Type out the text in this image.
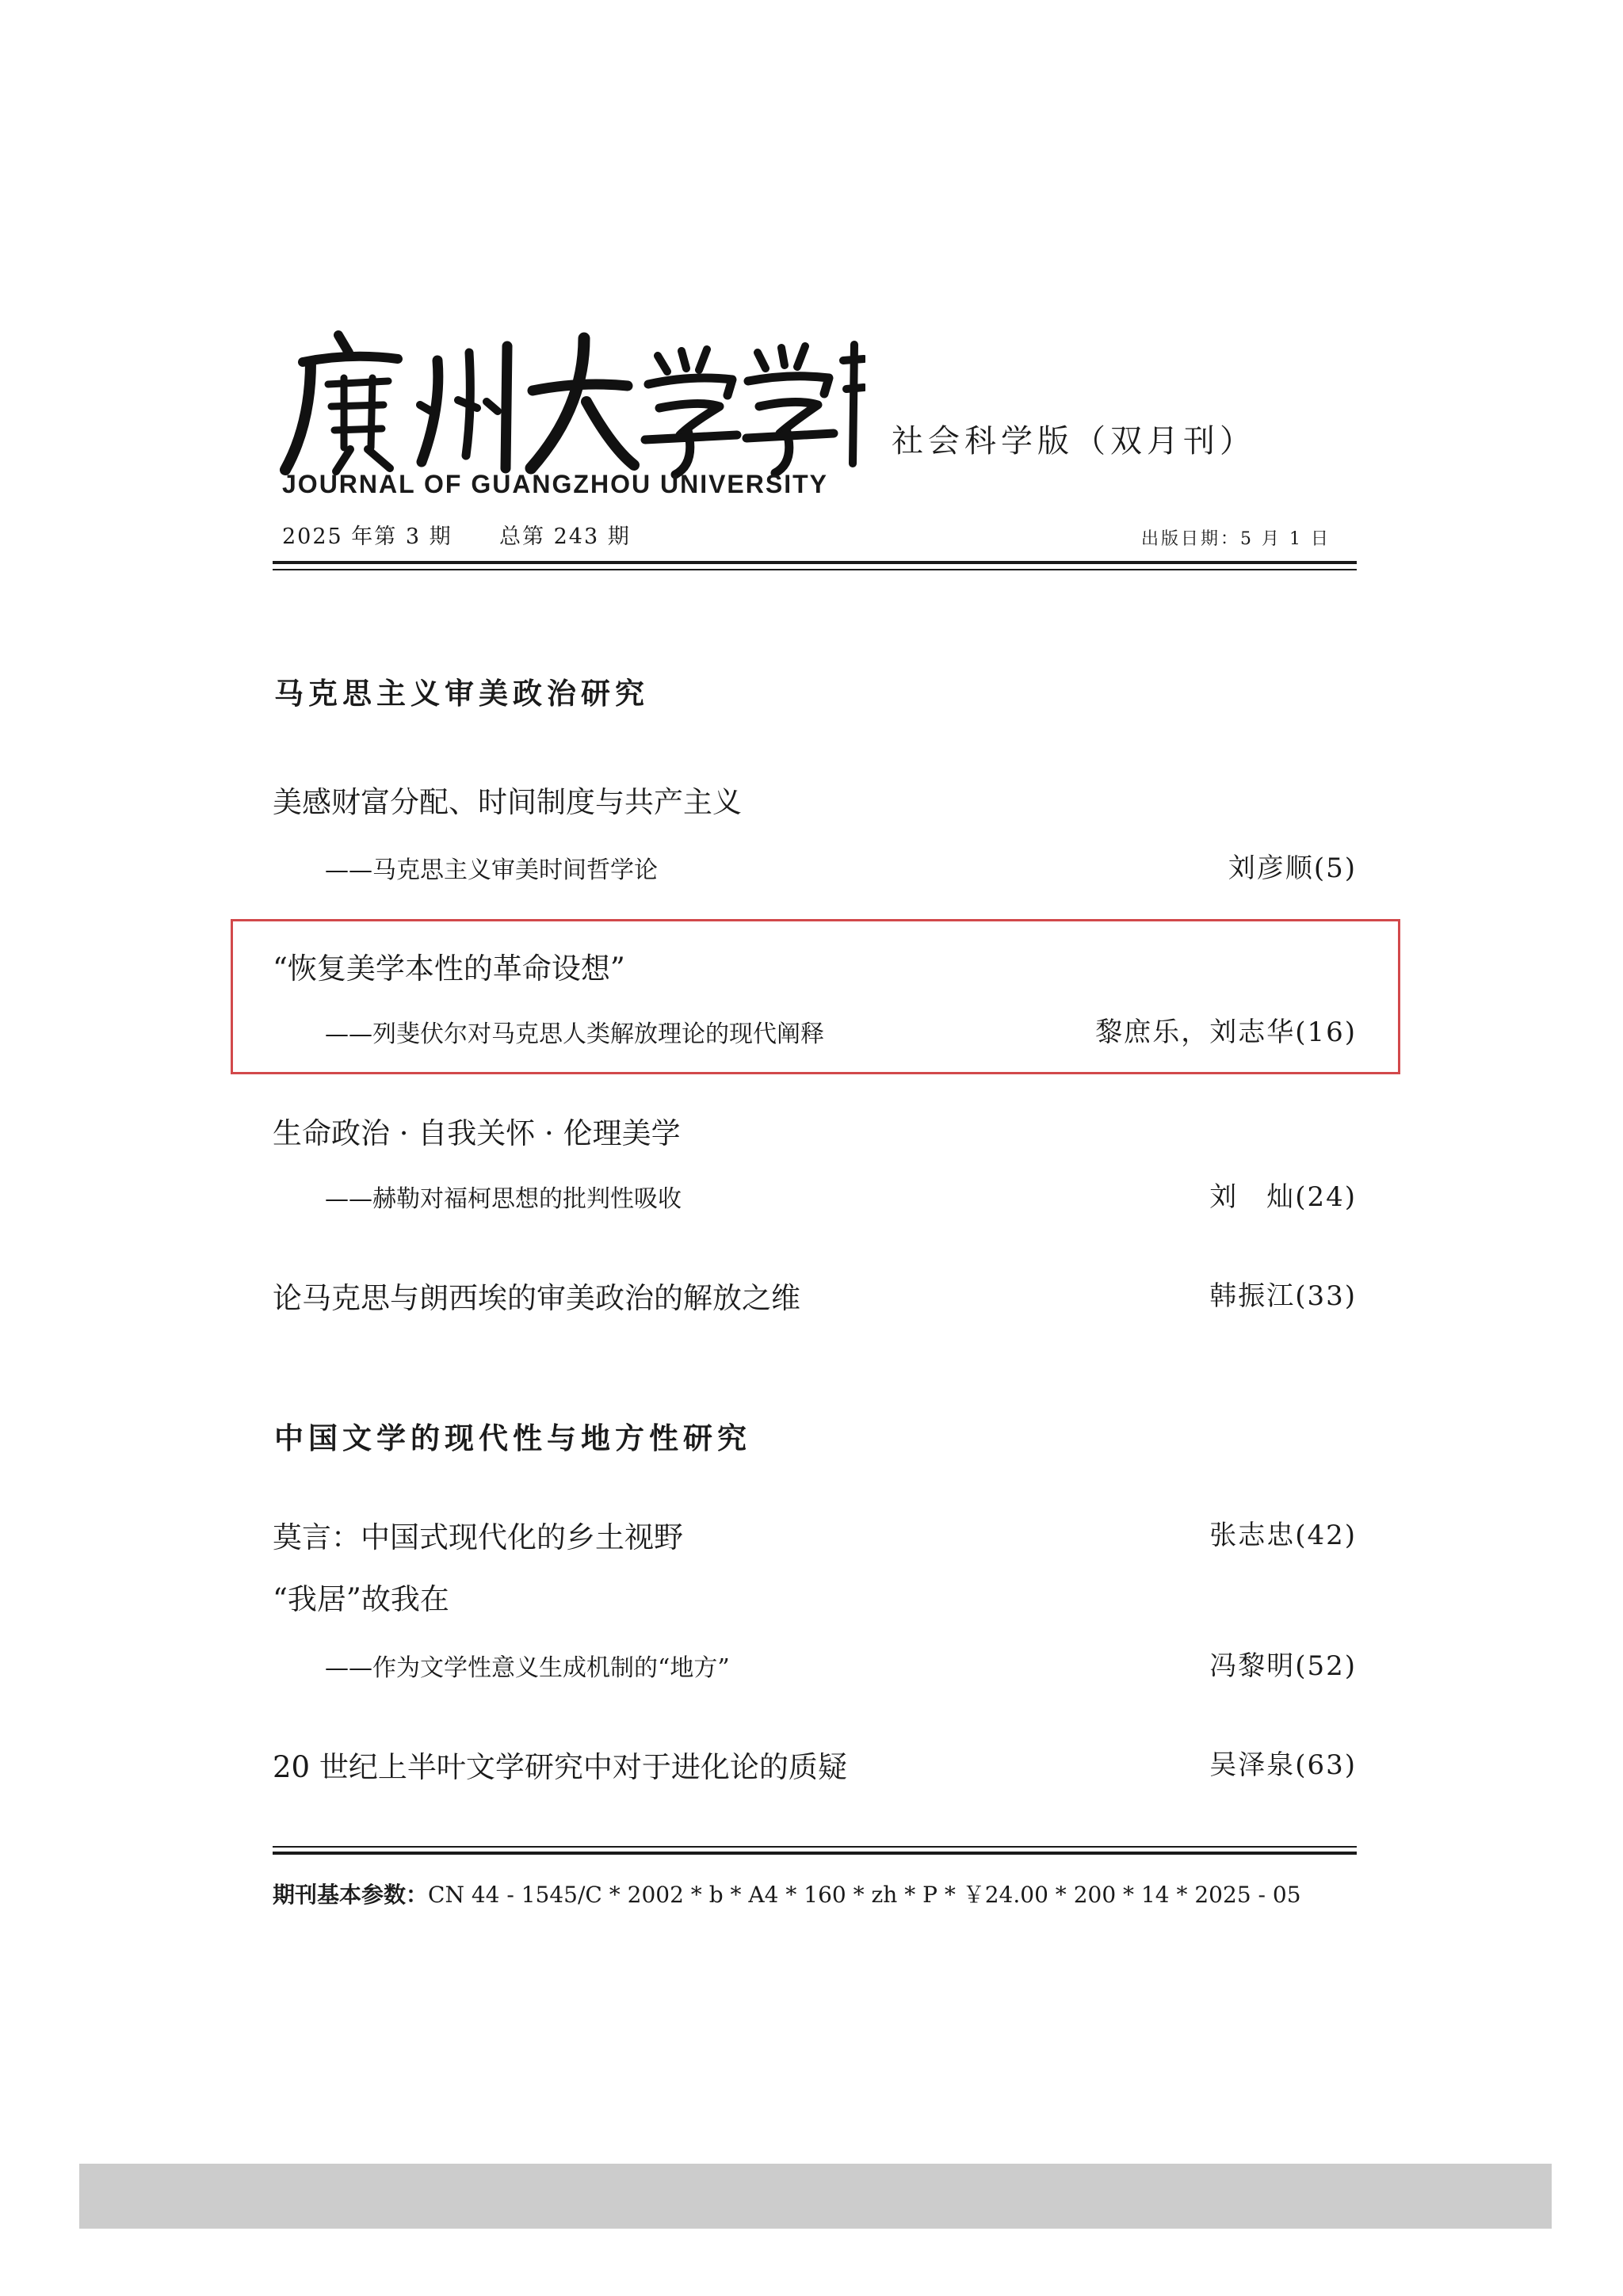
社会科学版（双月刊）
JOURNAL OF GUANGZHOU UNIVERSITY
2025 年第 3 期 总第 243 期	出版日期：5 月 1 日
马克思主义审美政治研究
美感财富分配、时间制度与共产主义
——马克思主义审美时间哲学论	刘彦顺(5)
“恢复美学本性的革命设想”
——列斐伏尔对马克思人类解放理论的现代阐释	黎庶乐，刘志华(16)
生命政治 · 自我关怀 · 伦理美学
——赫勒对福柯思想的批判性吸收	刘　灿(24)
论马克思与朗西埃的审美政治的解放之维	韩振江(33)
中国文学的现代性与地方性研究
莫言：中国式现代化的乡土视野	张志忠(42)
“我居”故我在
——作为文学性意义生成机制的“地方”	冯黎明(52)
20 世纪上半叶文学研究中对于进化论的质疑	吴泽泉(63)
期刊基本参数：CN 44 - 1545/C * 2002 * b * A4 * 160 * zh * P * ￥24.00 * 200 * 14 * 2025 - 05
